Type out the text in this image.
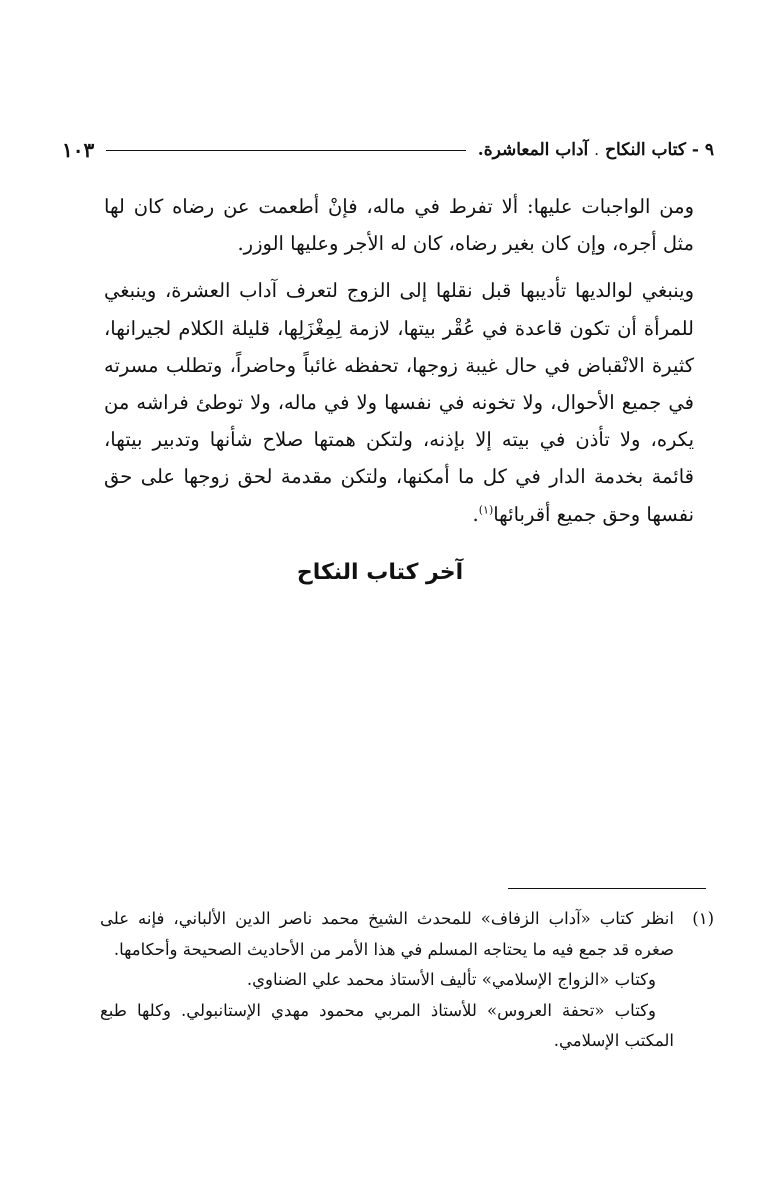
٩ - كتاب النكاح
.
آداب المعاشرة.
١٠٣

ومن الواجبات عليها: ألا تفرط في ماله، فإنْ أطعمت عن رضاه كان لها مثل أجره، وإن كان بغير رضاه، كان له الأجر وعليها الوزر.

وينبغي لوالديها تأديبها قبل نقلها إلى الزوج لتعرف آداب العشرة، وينبغي للمرأة أن تكون قاعدة في عُقْر بيتها، لازمة لِمِغْزَلِها، قليلة الكلام لجيرانها، كثيرة الانْقباض في حال غيبة زوجها، تحفظه غائباً وحاضراً، وتطلب مسرته في جميع الأحوال، ولا تخونه في نفسها ولا في ماله، ولا توطئ فراشه من يكره، ولا تأذن في بيته إلا بإذنه، ولتكن همتها صلاح شأنها وتدبير بيتها، قائمة بخدمة الدار في كل ما أمكنها، ولتكن مقدمة لحق زوجها على حق نفسها وحق جميع أقربائها$^{(١)}$.

آخر كتاب النكاح
(١)
انظر كتاب «آداب الزفاف» للمحدث الشيخ محمد ناصر الدين الألباني، فإنه على صغره قد جمع فيه ما يحتاجه المسلم في هذا الأمر من الأحاديث الصحيحة وأحكامها.
وكتاب «الزواج الإسلامي» تأليف الأستاذ محمد علي الضناوي.
وكتاب «تحفة العروس» للأستاذ المربي محمود مهدي الإستانبولي. وكلها طبع المكتب الإسلامي.
